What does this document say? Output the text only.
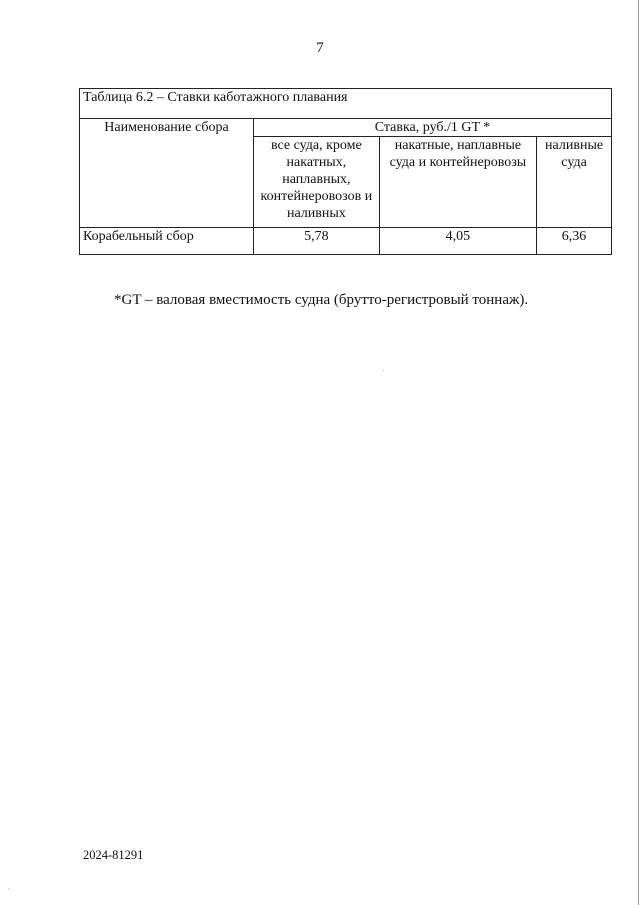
7
Таблица 6.2 – Ставки каботажного плавания			
Наименование сбора	Ставка, руб./1 GT *		
	все суда, кроме накатных, наплавных, контейнеровозов и наливных	накатные, наплавные суда и контейнеровозы	наливные суда
Корабельный сбор	5,78	4,05	6,36
*GT – валовая вместимость судна (брутто-регистровый тоннаж).
2024-81291
